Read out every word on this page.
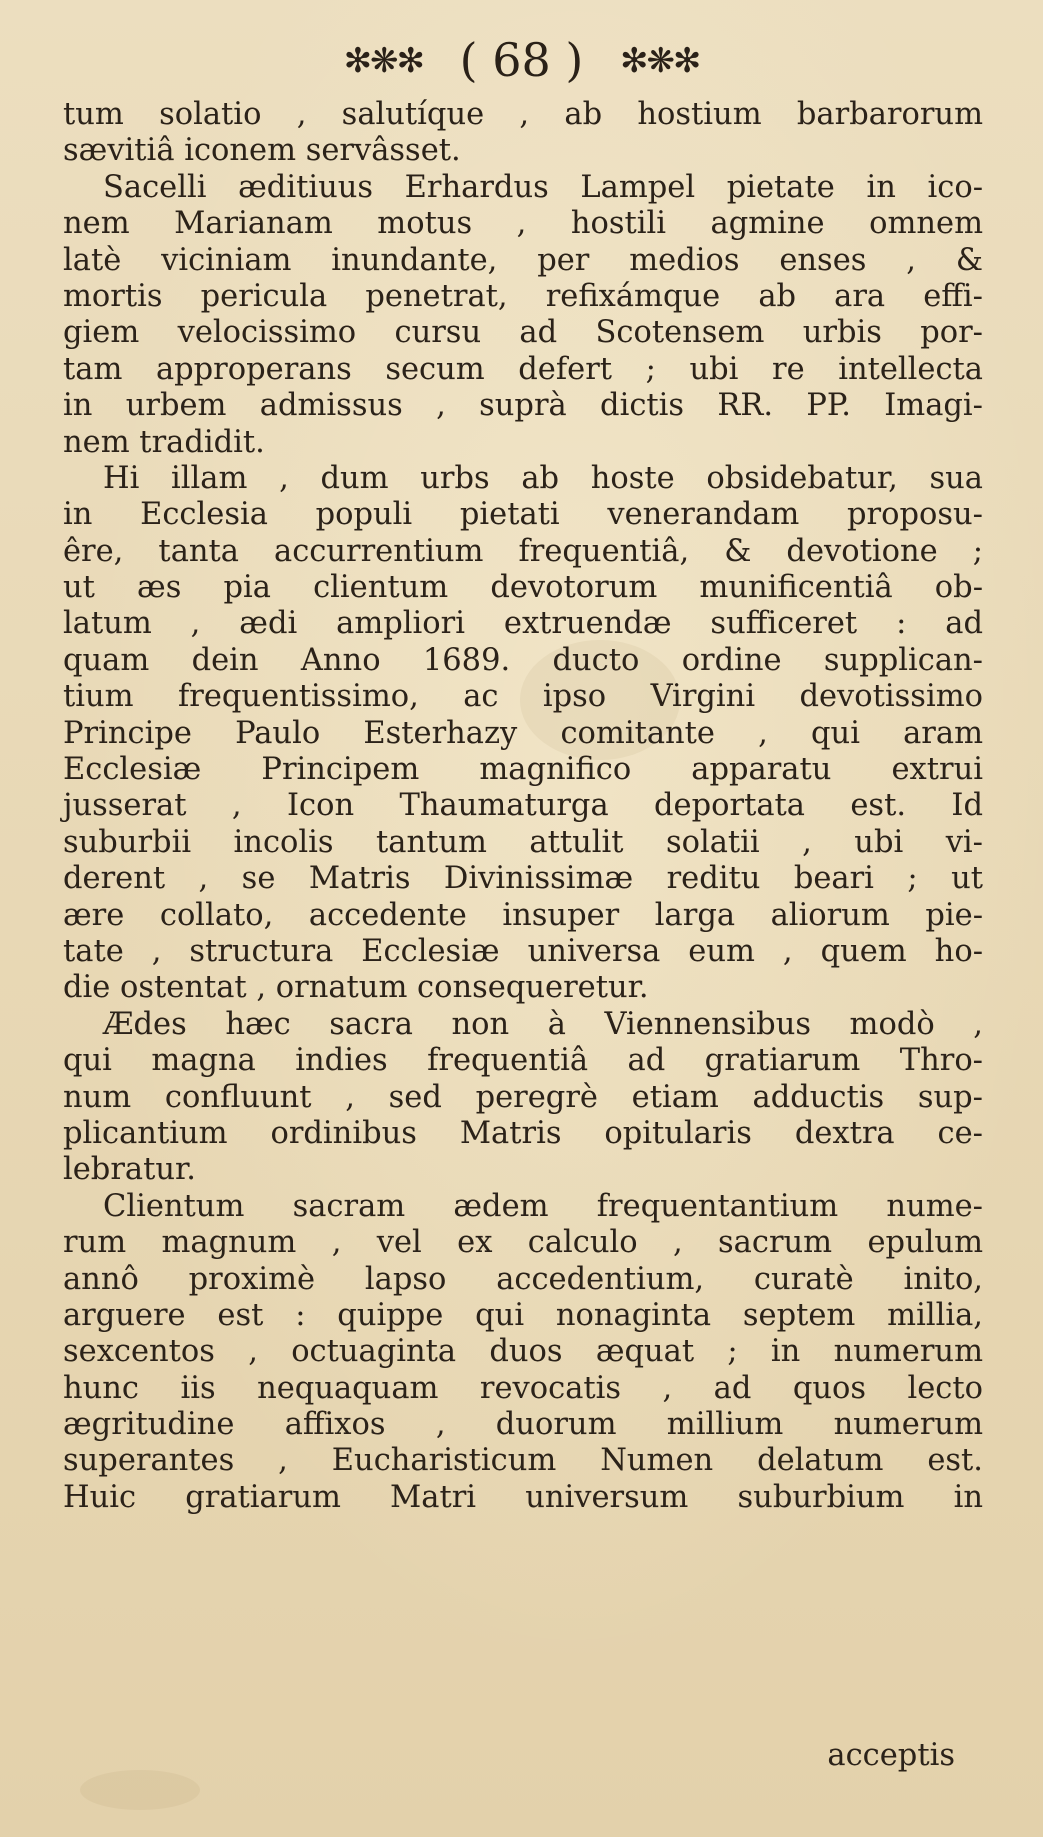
✻❋✻ ( 68 ) ✻❋✻
tum solatio , salutíque , ab hostium barbarorum
sævitiâ iconem servâsset.
Sacelli æditiuus Erhardus Lampel pietate in ico-
nem Marianam motus , hostili agmine omnem
latè viciniam inundante, per medios enses , &
mortis pericula penetrat, refixámque ab ara effi-
giem velocissimo cursu ad Scotensem urbis por-
tam approperans secum defert ; ubi re intellecta
in urbem admissus , suprà dictis RR. PP. Imagi-
nem tradidit.
Hi illam , dum urbs ab hoste obsidebatur, sua
in Ecclesia populi pietati venerandam proposu-
êre, tanta accurrentium frequentiâ, & devotione ;
ut æs pia clientum devotorum munificentiâ ob-
latum , ædi ampliori extruendæ sufficeret : ad
quam dein Anno 1689. ducto ordine supplican-
tium frequentissimo, ac ipso Virgini devotissimo
Principe Paulo Esterhazy comitante , qui aram
Ecclesiæ Principem magnifico apparatu extrui
jusserat , Icon Thaumaturga deportata est. Id
suburbii incolis tantum attulit solatii , ubi vi-
derent , se Matris Divinissimæ reditu beari ; ut
ære collato, accedente insuper larga aliorum pie-
tate , structura Ecclesiæ universa eum , quem ho-
die ostentat , ornatum consequeretur.
Ædes hæc sacra non à Viennensibus modò ,
qui magna indies frequentiâ ad gratiarum Thro-
num confluunt , sed peregrè etiam adductis sup-
plicantium ordinibus Matris opitularis dextra ce-
lebratur.
Clientum sacram ædem frequentantium nume-
rum magnum , vel ex calculo , sacrum epulum
annô proximè lapso accedentium, curatè inito,
arguere est : quippe qui nonaginta septem millia,
sexcentos , octuaginta duos æquat ; in numerum
hunc iis nequaquam revocatis , ad quos lecto
ægritudine affixos , duorum millium numerum
superantes , Eucharisticum Numen delatum est.
Huic gratiarum Matri universum suburbium in
acceptis
